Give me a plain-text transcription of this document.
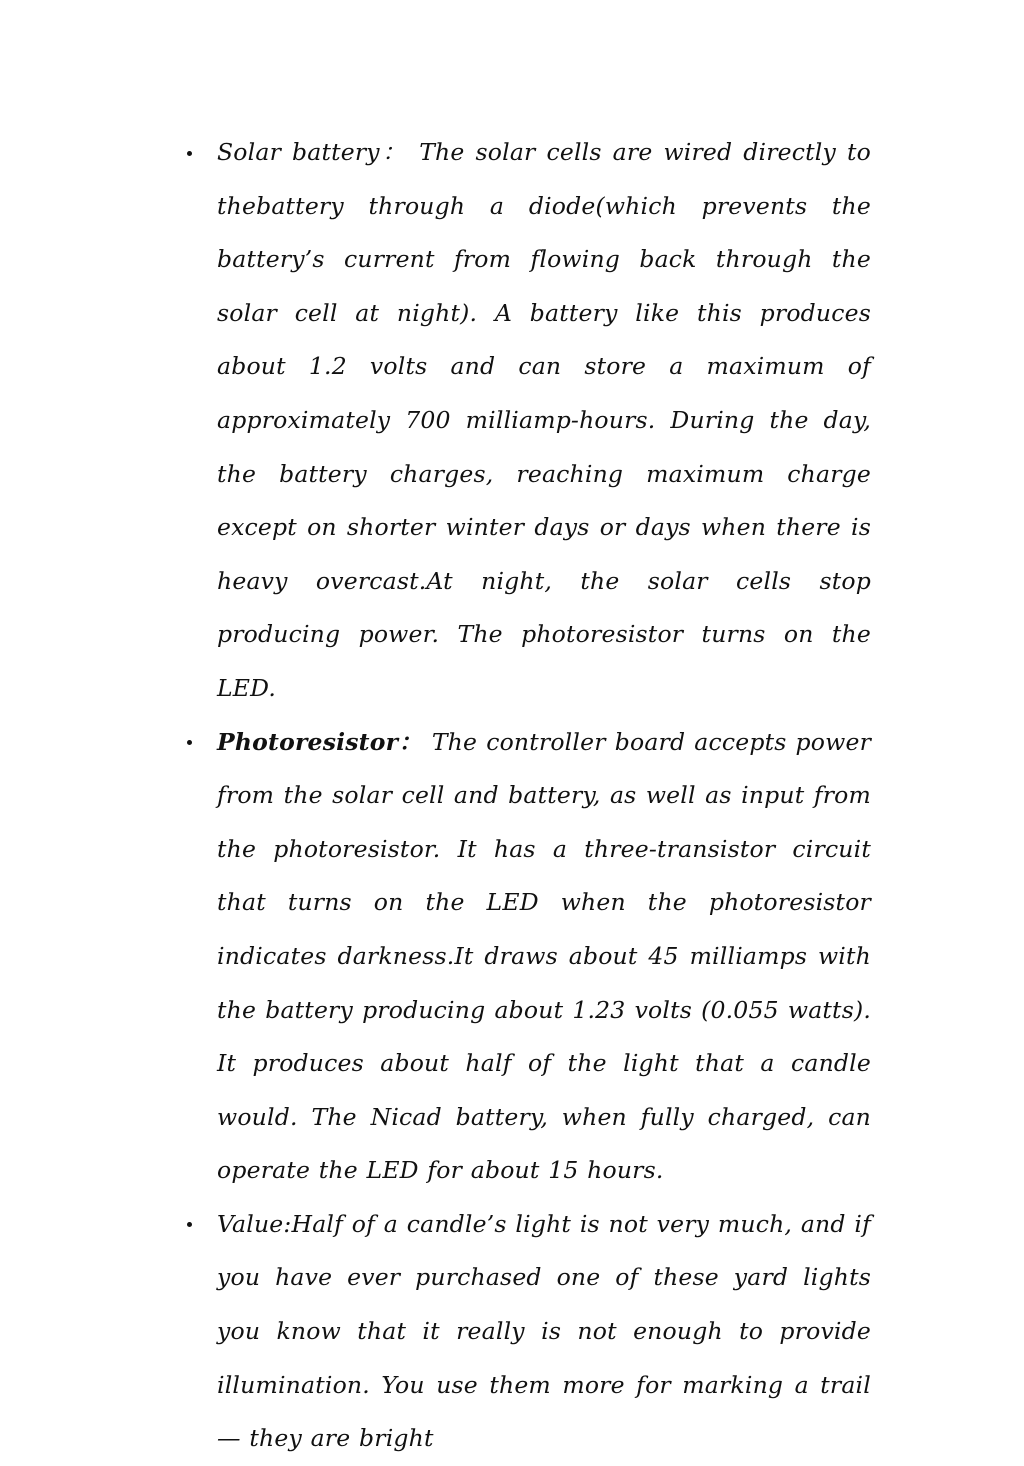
Solar battery： The solar cells are wired directly to thebattery through a diode(which prevents the battery’s current from flowing back through the solar cell at night). A battery like this produces about 1.2 volts and can store a maximum of approximately 700 milliamp-hours. During the day, the battery charges, reaching maximum charge except on shorter winter days or days when there is heavy overcast.At night, the solar cells stop producing power. The photoresistor turns on the LED.
Photoresistor： The controller board accepts power from the solar cell and battery, as well as input from the photoresistor. It has a three-transistor circuit that turns on the LED when the photoresistor indicates darkness.It draws about 45 milliamps with the battery producing about 1.23 volts (0.055 watts). It produces about half of the light that a candle would. The Nicad battery, when fully charged, can operate the LED for about 15 hours.
Value:Half of a candle’s light is not very much, and if you have ever purchased one of these yard lights you know that it really is not enough to provide illumination. You use them more for marking a trail — they are bright
